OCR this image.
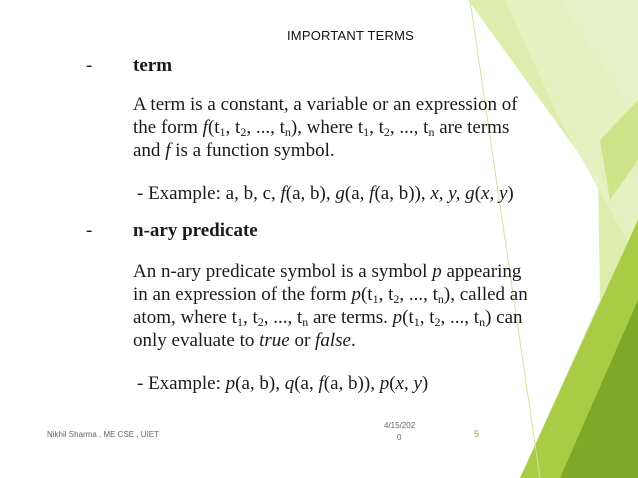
IMPORTANT TERMS
- term
A term is a constant, a variable or an expression of
the form $f(t_1$, $t_2$, ..., $t_n$), where $t_1$, $t_2$, ..., $t_n$ are terms
and f is a function symbol.
- Example: a, b, c, f(a, b), g(a, f(a, b)), x, y, g(x, y)
- n-ary predicate
An n-ary predicate symbol is a symbol p appearing
in an expression of the form $p(t_1$, $t_2$, ..., $t_n$), called an
atom, where $t_1$, $t_2$, ..., $t_n$ are terms. $p(t_1$, $t_2$, ..., $t_n$) can
only evaluate to true or false.
- Example: p(a, b), q(a, f(a, b)), p(x, y)
Nikhil Sharma , ME CSE , UIET
4/15/202
0	5
